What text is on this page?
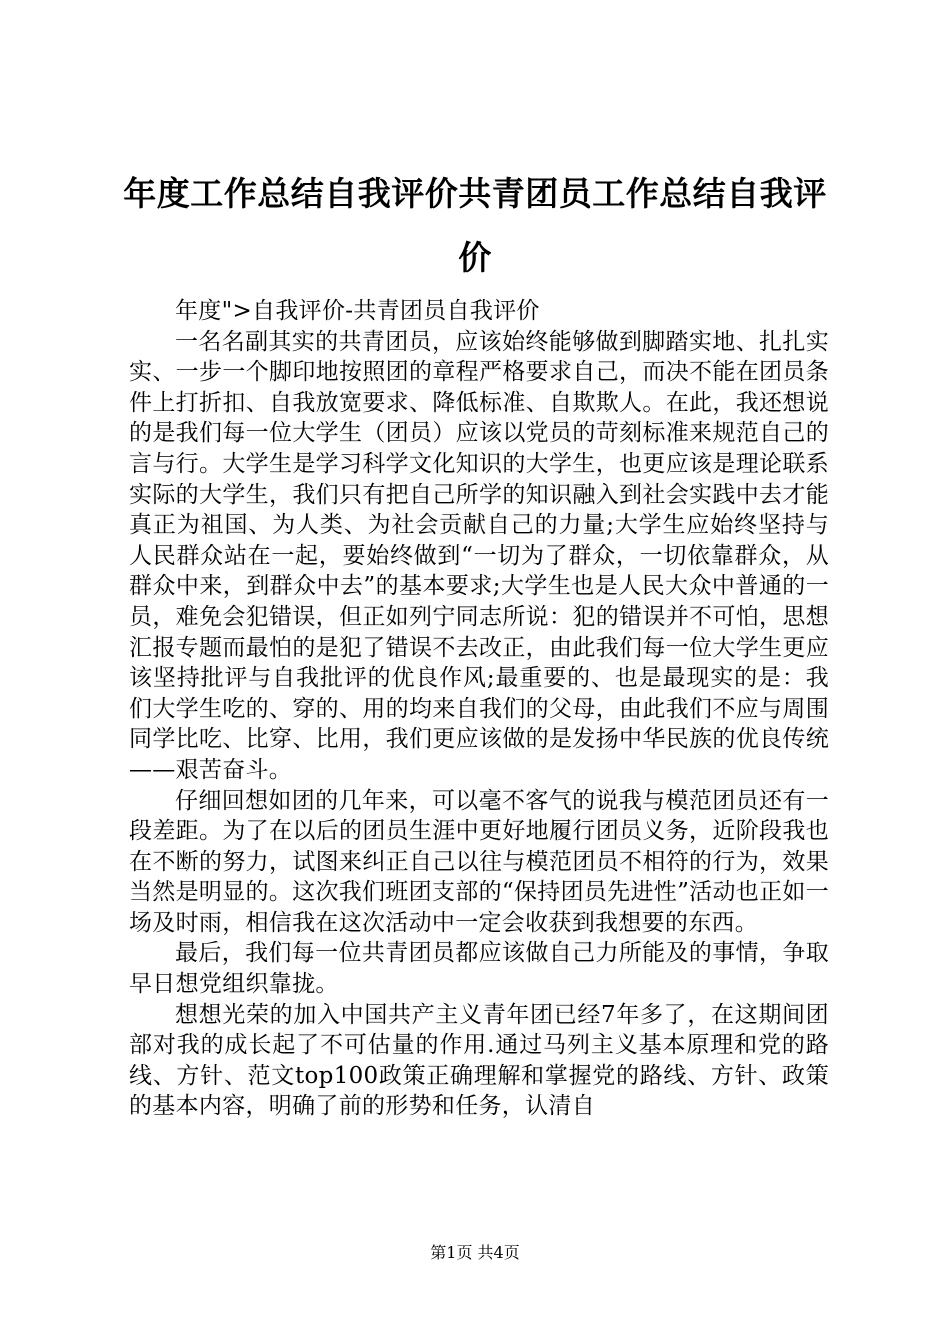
年度工作总结自我评价共青团员工作总结自我评价

年度">自我评价-共青团员自我评价

一名名副其实的共青团员，应该始终能够做到脚踏实地、扎扎实实、一步一个脚印地按照团的章程严格要求自己，而决不能在团员条件上打折扣、自我放宽要求、降低标准、自欺欺人。在此，我还想说的是我们每一位大学生（团员）应该以党员的苛刻标准来规范自己的言与行。大学生是学习科学文化知识的大学生，也更应该是理论联系实际的大学生，我们只有把自己所学的知识融入到社会实践中去才能真正为祖国、为人类、为社会贡献自己的力量;大学生应始终坚持与人民群众站在一起，要始终做到“一切为了群众，一切依靠群众，从群众中来，到群众中去”的基本要求;大学生也是人民大众中普通的一员，难免会犯错误，但正如列宁同志所说：犯的错误并不可怕，思想汇报专题而最怕的是犯了错误不去改正，由此我们每一位大学生更应该坚持批评与自我批评的优良作风;最重要的、也是最现实的是：我们大学生吃的、穿的、用的均来自我们的父母，由此我们不应与周围同学比吃、比穿、比用，我们更应该做的是发扬中华民族的优良传统——艰苦奋斗。

仔细回想如团的几年来，可以毫不客气的说我与模范团员还有一段差距。为了在以后的团员生涯中更好地履行团员义务，近阶段我也在不断的努力，试图来纠正自己以往与模范团员不相符的行为，效果当然是明显的。这次我们班团支部的“保持团员先进性”活动也正如一场及时雨，相信我在这次活动中一定会收获到我想要的东西。

最后，我们每一位共青团员都应该做自己力所能及的事情，争取早日想党组织靠拢。

想想光荣的加入中国共产主义青年团已经7年多了，在这期间团部对我的成长起了不可估量的作用.通过马列主义基本原理和党的路线、方针、范文top100政策正确理解和掌握党的路线、方针、政策的基本内容，明确了前的形势和任务，认清自

第1页 共4页
